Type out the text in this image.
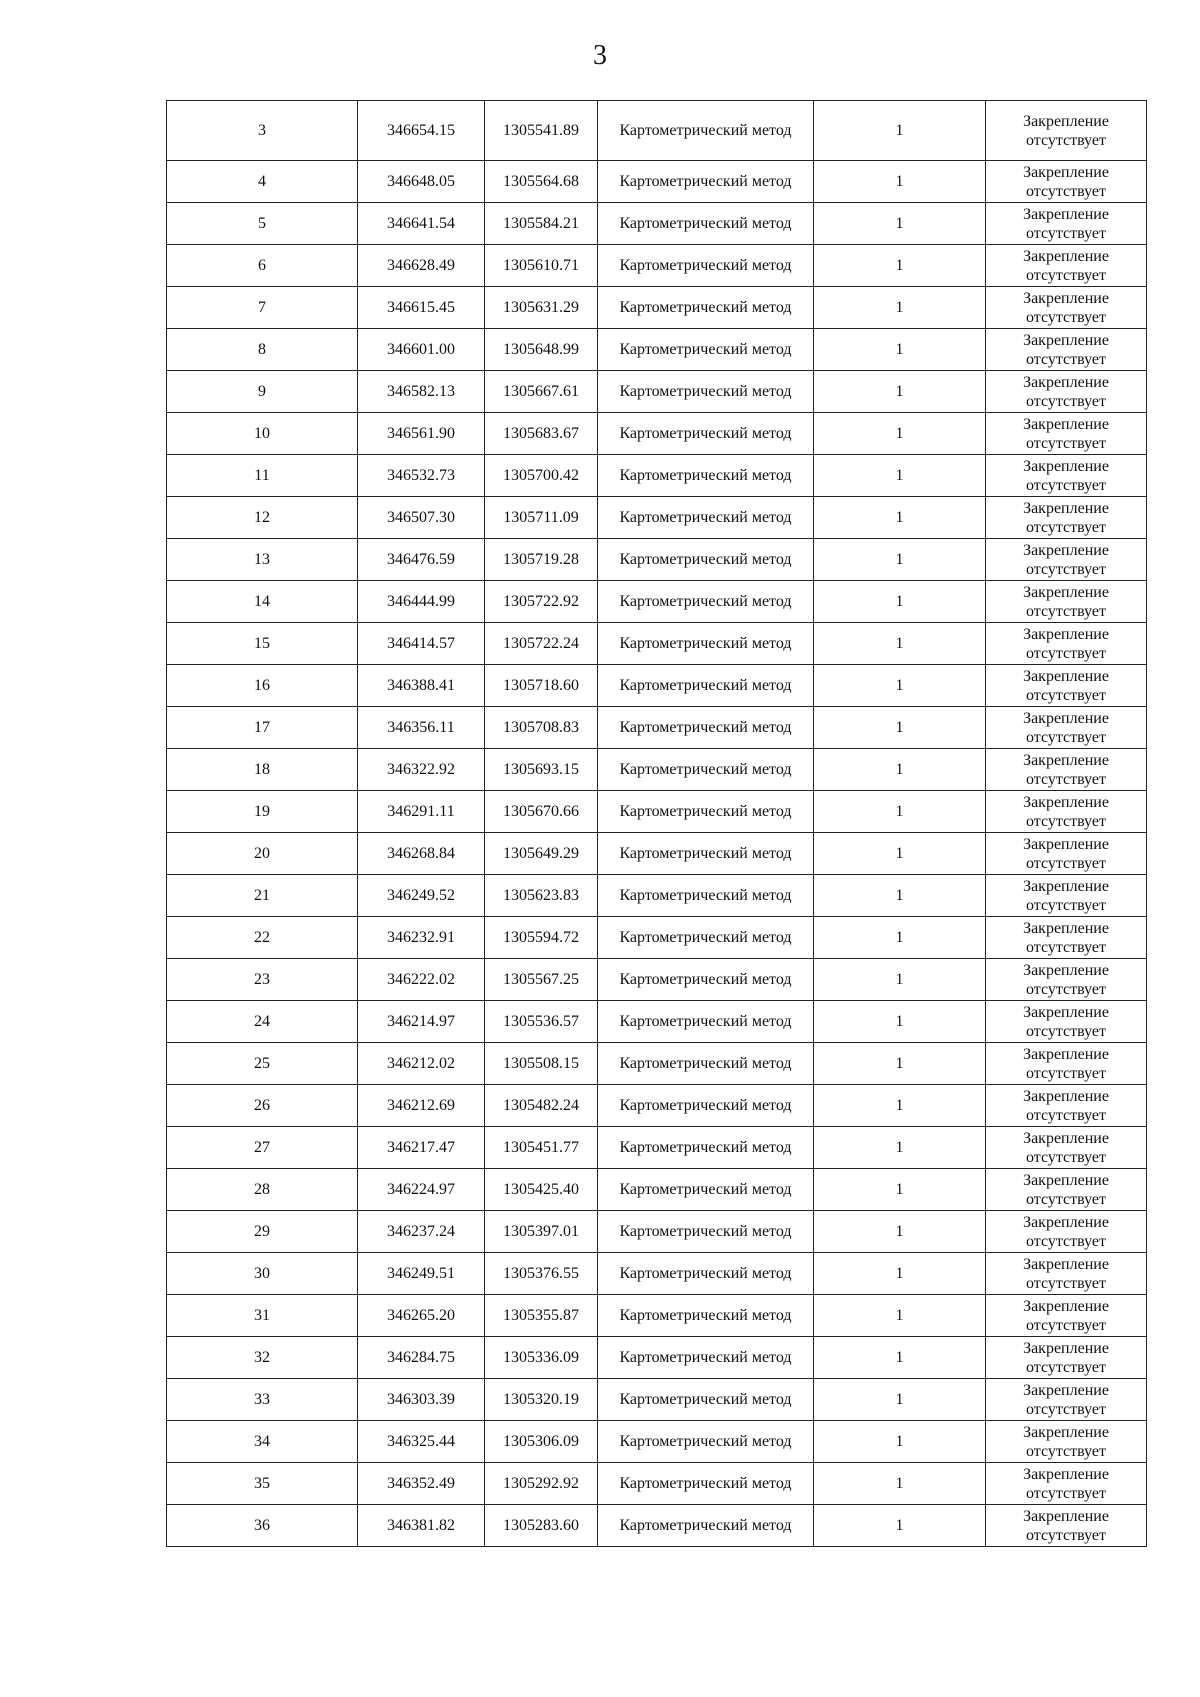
3
3	346654.15	1305541.89	Картометрический метод	1	Закрепление отсутствует
4	346648.05	1305564.68	Картометрический метод	1	Закрепление отсутствует
5	346641.54	1305584.21	Картометрический метод	1	Закрепление отсутствует
6	346628.49	1305610.71	Картометрический метод	1	Закрепление отсутствует
7	346615.45	1305631.29	Картометрический метод	1	Закрепление отсутствует
8	346601.00	1305648.99	Картометрический метод	1	Закрепление отсутствует
9	346582.13	1305667.61	Картометрический метод	1	Закрепление отсутствует
10	346561.90	1305683.67	Картометрический метод	1	Закрепление отсутствует
11	346532.73	1305700.42	Картометрический метод	1	Закрепление отсутствует
12	346507.30	1305711.09	Картометрический метод	1	Закрепление отсутствует
13	346476.59	1305719.28	Картометрический метод	1	Закрепление отсутствует
14	346444.99	1305722.92	Картометрический метод	1	Закрепление отсутствует
15	346414.57	1305722.24	Картометрический метод	1	Закрепление отсутствует
16	346388.41	1305718.60	Картометрический метод	1	Закрепление отсутствует
17	346356.11	1305708.83	Картометрический метод	1	Закрепление отсутствует
18	346322.92	1305693.15	Картометрический метод	1	Закрепление отсутствует
19	346291.11	1305670.66	Картометрический метод	1	Закрепление отсутствует
20	346268.84	1305649.29	Картометрический метод	1	Закрепление отсутствует
21	346249.52	1305623.83	Картометрический метод	1	Закрепление отсутствует
22	346232.91	1305594.72	Картометрический метод	1	Закрепление отсутствует
23	346222.02	1305567.25	Картометрический метод	1	Закрепление отсутствует
24	346214.97	1305536.57	Картометрический метод	1	Закрепление отсутствует
25	346212.02	1305508.15	Картометрический метод	1	Закрепление отсутствует
26	346212.69	1305482.24	Картометрический метод	1	Закрепление отсутствует
27	346217.47	1305451.77	Картометрический метод	1	Закрепление отсутствует
28	346224.97	1305425.40	Картометрический метод	1	Закрепление отсутствует
29	346237.24	1305397.01	Картометрический метод	1	Закрепление отсутствует
30	346249.51	1305376.55	Картометрический метод	1	Закрепление отсутствует
31	346265.20	1305355.87	Картометрический метод	1	Закрепление отсутствует
32	346284.75	1305336.09	Картометрический метод	1	Закрепление отсутствует
33	346303.39	1305320.19	Картометрический метод	1	Закрепление отсутствует
34	346325.44	1305306.09	Картометрический метод	1	Закрепление отсутствует
35	346352.49	1305292.92	Картометрический метод	1	Закрепление отсутствует
36	346381.82	1305283.60	Картометрический метод	1	Закрепление отсутствует
